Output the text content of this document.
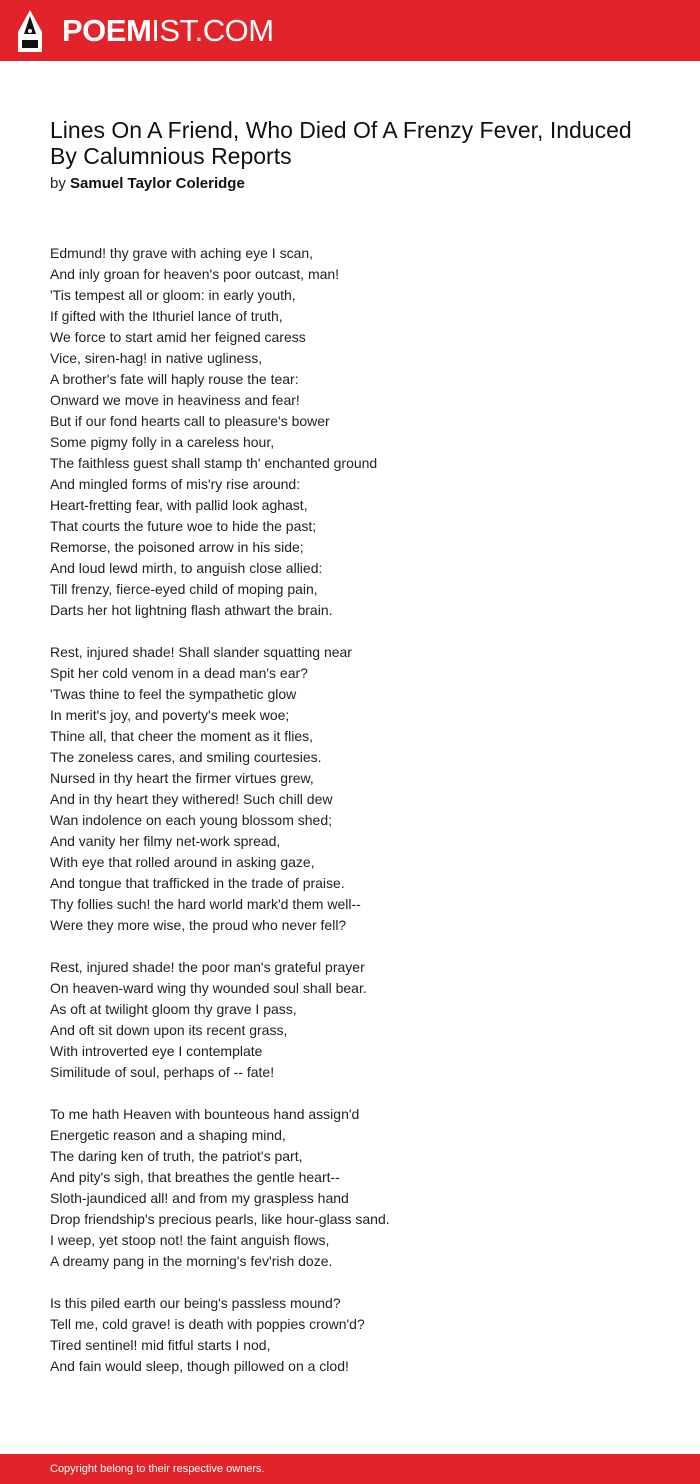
POEMIST.COM
Lines On A Friend, Who Died Of A Frenzy Fever, Induced By Calumnious Reports
by Samuel Taylor Coleridge
Edmund! thy grave with aching eye I scan,
And inly groan for heaven's poor outcast, man!
'Tis tempest all or gloom: in early youth,
If gifted with the Ithuriel lance of truth,
We force to start amid her feigned caress
Vice, siren-hag! in native ugliness,
A brother's fate will haply rouse the tear:
Onward we move in heaviness and fear!
But if our fond hearts call to pleasure's bower
Some pigmy folly in a careless hour,
The faithless guest shall stamp th' enchanted ground
And mingled forms of mis'ry rise around:
Heart-fretting fear, with pallid look aghast,
That courts the future woe to hide the past;
Remorse, the poisoned arrow in his side;
And loud lewd mirth, to anguish close allied:
Till frenzy, fierce-eyed child of moping pain,
Darts her hot lightning flash athwart the brain.

Rest, injured shade! Shall slander squatting near
Spit her cold venom in a dead man's ear?
'Twas thine to feel the sympathetic glow
In merit's joy, and poverty's meek woe;
Thine all, that cheer the moment as it flies,
The zoneless cares, and smiling courtesies.
Nursed in thy heart the firmer virtues grew,
And in thy heart they withered! Such chill dew
Wan indolence on each young blossom shed;
And vanity her filmy net-work spread,
With eye that rolled around in asking gaze,
And tongue that trafficked in the trade of praise.
Thy follies such! the hard world mark'd them well--
Were they more wise, the proud who never fell?

Rest, injured shade! the poor man's grateful prayer
On heaven-ward wing thy wounded soul shall bear.
As oft at twilight gloom thy grave I pass,
And oft sit down upon its recent grass,
With introverted eye I contemplate
Similitude of soul, perhaps of -- fate!

To me hath Heaven with bounteous hand assign'd
Energetic reason and a shaping mind,
The daring ken of truth, the patriot's part,
And pity's sigh, that breathes the gentle heart--
Sloth-jaundiced all! and from my graspless hand
Drop friendship's precious pearls, like hour-glass sand.
I weep, yet stoop not! the faint anguish flows,
A dreamy pang in the morning's fev'rish doze.

Is this piled earth our being's passless mound?
Tell me, cold grave! is death with poppies crown'd?
Tired sentinel! mid fitful starts I nod,
And fain would sleep, though pillowed on a clod!
Copyright belong to their respective owners.
